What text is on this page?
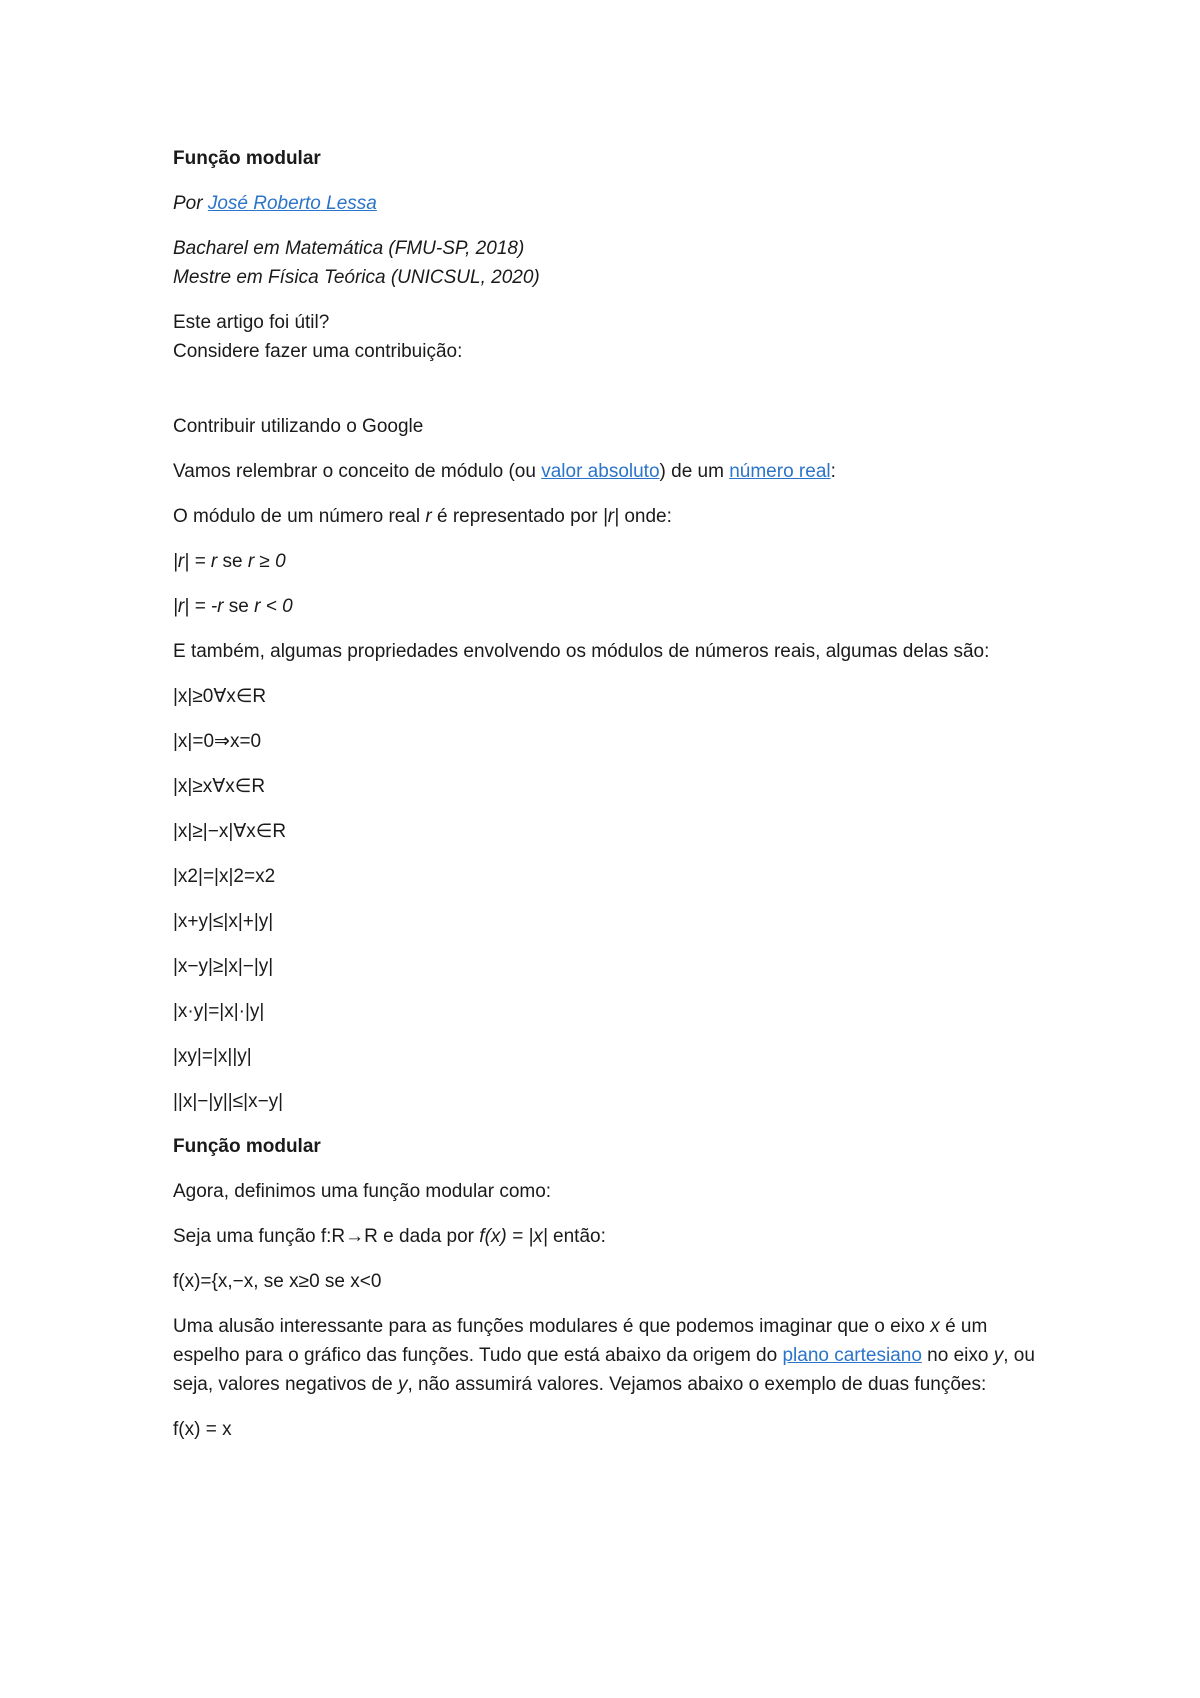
Função modular

Por José Roberto Lessa

Bacharel em Matemática (FMU-SP, 2018)

Mestre em Física Teórica (UNICSUL, 2020)

Este artigo foi útil?

Considere fazer uma contribuição:

Contribuir utilizando o Google

Vamos relembrar o conceito de módulo (ou valor absoluto) de um número real:

O módulo de um número real r é representado por |r| onde:

|r| = r se r ≥ 0

|r| = -r se r < 0

E também, algumas propriedades envolvendo os módulos de números reais, algumas delas são:

|x|≥0∀x∈R

|x|=0⇒x=0

|x|≥x∀x∈R

|x|≥|−x|∀x∈R

|x2|=|x|2=x2

|x+y|≤|x|+|y|

|x−y|≥|x|−|y|

|x·y|=|x|·|y|

|xy|=|x||y|

||x|−|y||≤|x−y|

Função modular

Agora, definimos uma função modular como:

Seja uma função f:R→R e dada por f(x) = |x| então:

f(x)={x,−x, se x≥0 se x<0

Uma alusão interessante para as funções modulares é que podemos imaginar que o eixo x é um espelho para o gráfico das funções. Tudo que está abaixo da origem do plano cartesiano no eixo y, ou seja, valores negativos de y, não assumirá valores. Vejamos abaixo o exemplo de duas funções:

f(x) = x
